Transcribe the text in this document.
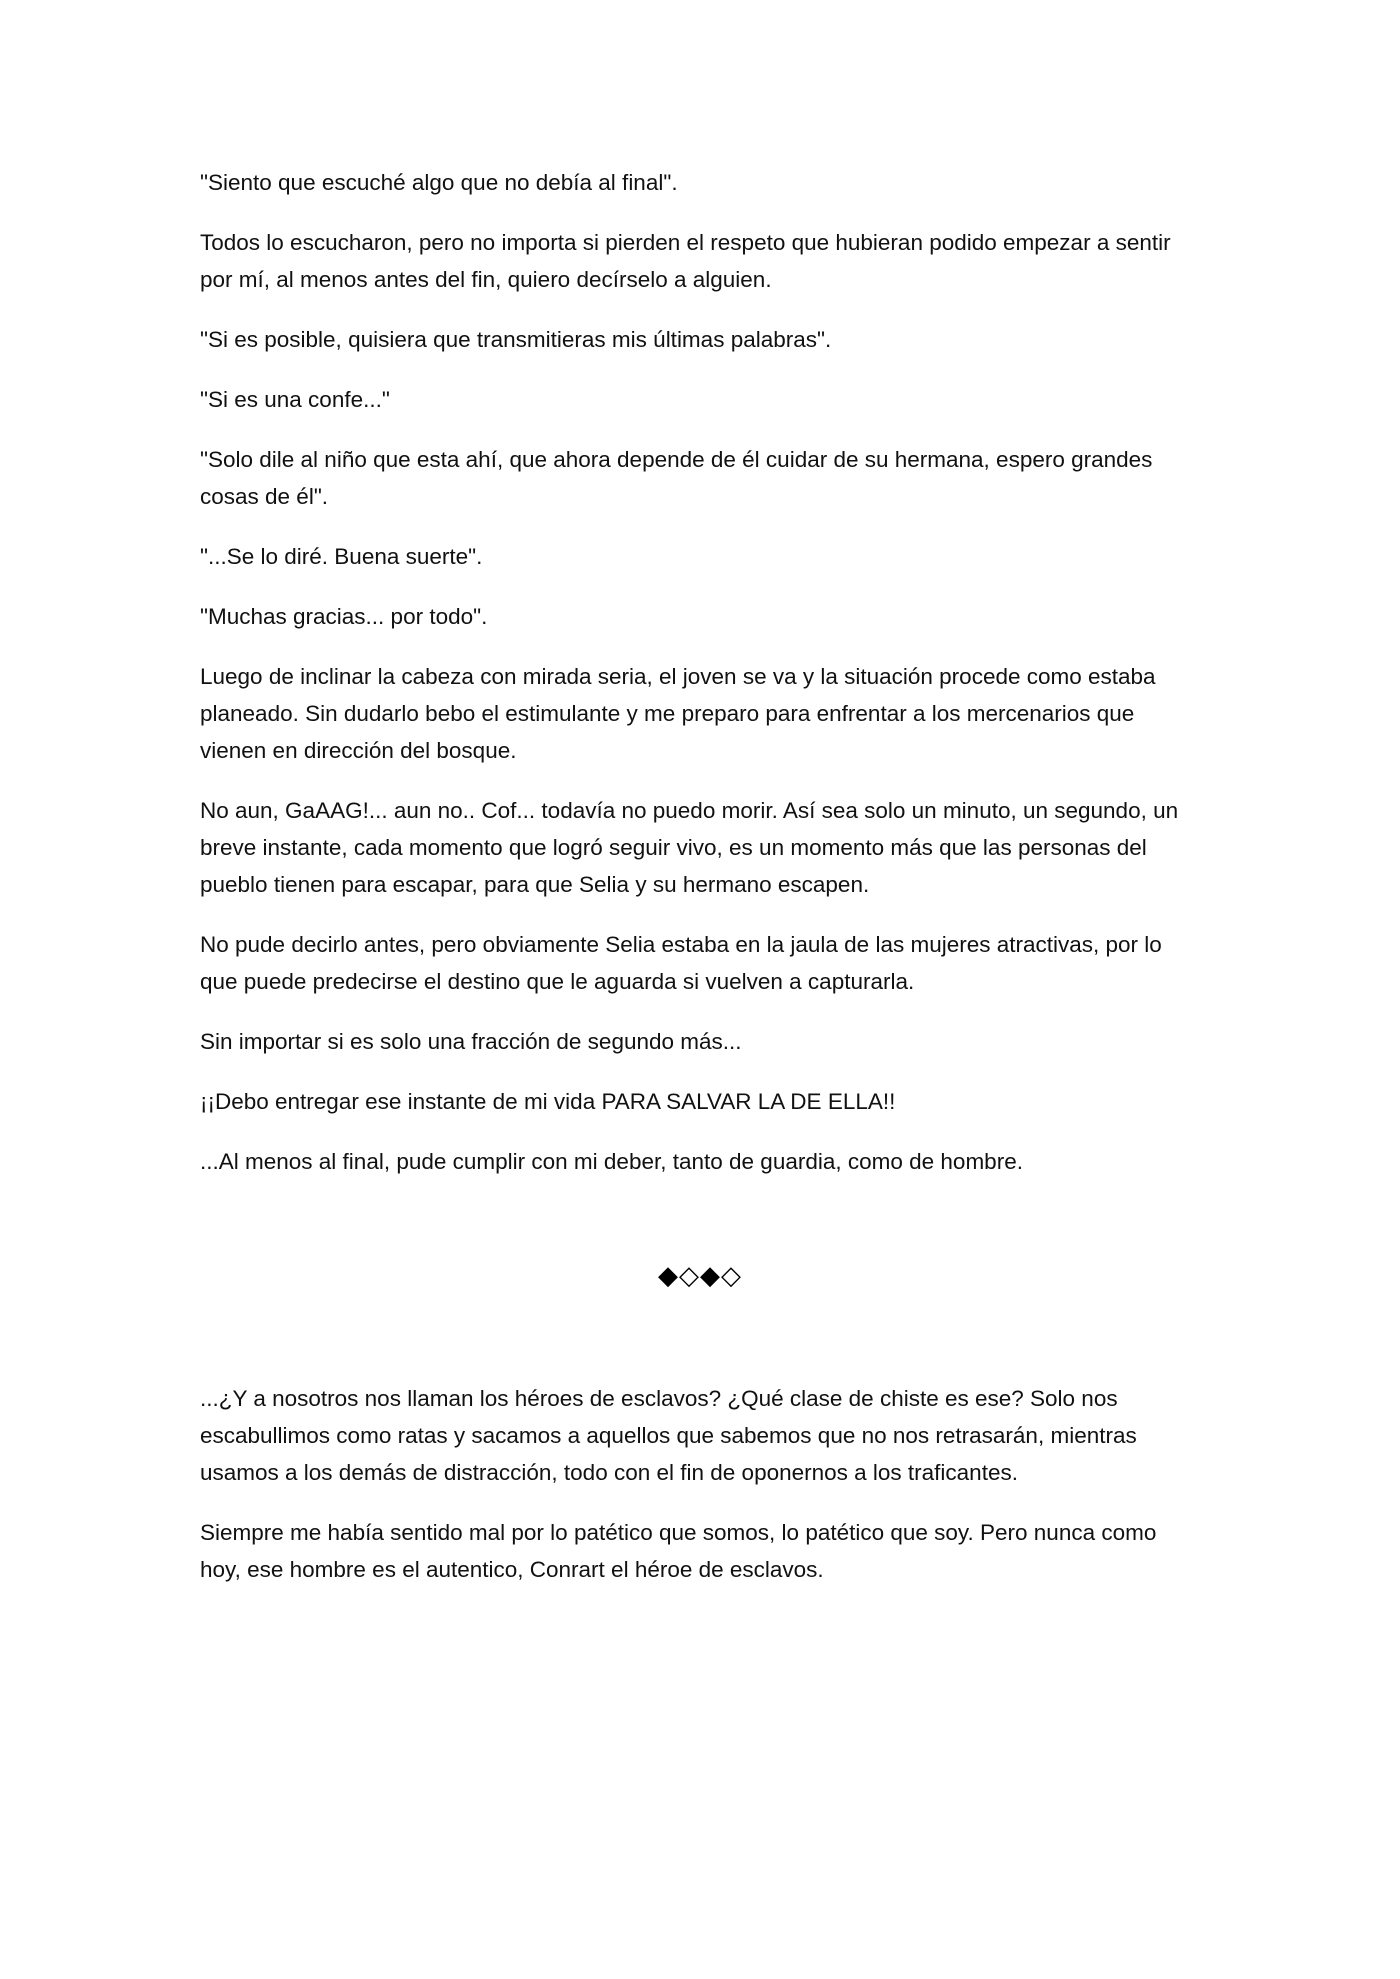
"Siento que escuché algo que no debía al final".

Todos lo escucharon, pero no importa si pierden el respeto que hubieran podido empezar a sentir por mí, al menos antes del fin, quiero decírselo a alguien.

"Si es posible, quisiera que transmitieras mis últimas palabras".

"Si es una confe..."

"Solo dile al niño que esta ahí, que ahora depende de él cuidar de su hermana, espero grandes cosas de él".

"...Se lo diré. Buena suerte".

"Muchas gracias... por todo".

Luego de inclinar la cabeza con mirada seria, el joven se va y la situación procede como estaba planeado. Sin dudarlo bebo el estimulante y me preparo para enfrentar a los mercenarios que vienen en dirección del bosque.

No aun, GaAAG!... aun no.. Cof... todavía no puedo morir. Así sea solo un minuto, un segundo, un breve instante, cada momento que logró seguir vivo, es un momento más que las personas del pueblo tienen para escapar, para que Selia y su hermano escapen.

No pude decirlo antes, pero obviamente Selia estaba en la jaula de las mujeres atractivas, por lo que puede predecirse el destino que le aguarda si vuelven a capturarla.

Sin importar si es solo una fracción de segundo más...

¡¡Debo entregar ese instante de mi vida PARA SALVAR LA DE ELLA!!

...Al menos al final, pude cumplir con mi deber, tanto de guardia, como de hombre.

◆◇◆◇

...¿Y a nosotros nos llaman los héroes de esclavos? ¿Qué clase de chiste es ese? Solo nos escabullimos como ratas y sacamos a aquellos que sabemos que no nos retrasarán, mientras usamos a los demás de distracción, todo con el fin de oponernos a los traficantes.

Siempre me había sentido mal por lo patético que somos, lo patético que soy. Pero nunca como hoy, ese hombre es el autentico, Conrart el héroe de esclavos.
